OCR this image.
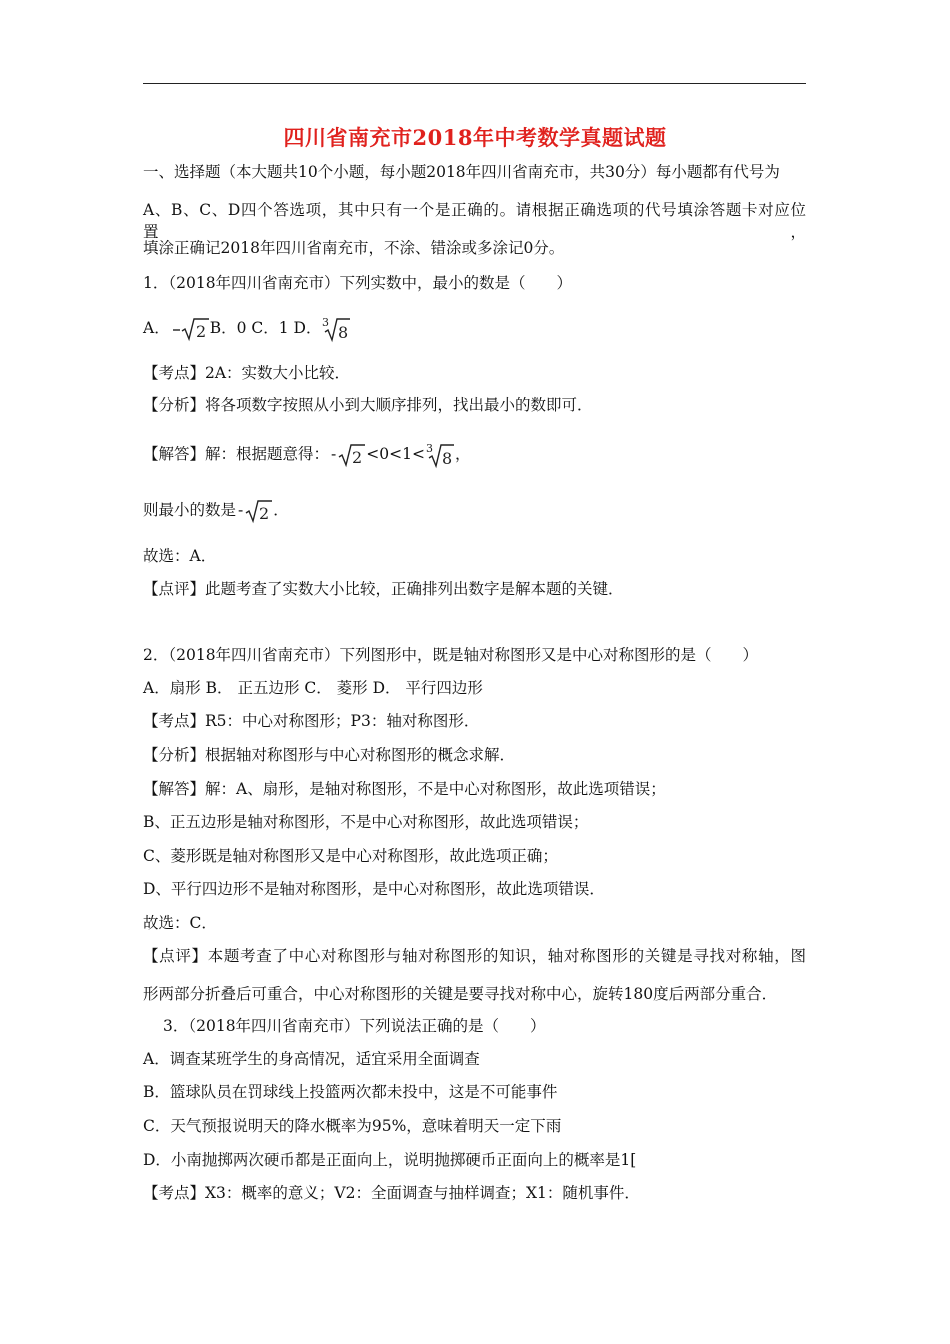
四川省南充市2018年中考数学真题试题

一、选择题（本大题共10个小题，每小题2018年四川省南充市，共30分）每小题都有代号为

A、B、C、D四个答选项，其中只有一个是正确的。请根据正确选项的代号填涂答题卡对应位置，

填涂正确记2018年四川省南充市，不涂、错涂或多涂记0分。

1．（2018年四川省南充市）下列实数中，最小的数是（　　）

A． 2 B．0 C．1 D． 3
8

【考点】2A：实数大小比较．

【分析】将各项数字按照从小到大顺序排列，找出最小的数即可．

【解答】解：根据题意得： - 2 <0<1< 3
8 ，

则最小的数是 - 2 ．

故选：A．

【点评】此题考查了实数大小比较，正确排列出数字是解本题的关键．

2．（2018年四川省南充市）下列图形中，既是轴对称图形又是中心对称图形的是（　　）

A．扇形 B． 正五边形 C． 菱形 D． 平行四边形

【考点】R5：中心对称图形；P3：轴对称图形．

【分析】根据轴对称图形与中心对称图形的概念求解．

【解答】解：A、扇形，是轴对称图形，不是中心对称图形，故此选项错误；

B、正五边形是轴对称图形，不是中心对称图形，故此选项错误；

C、菱形既是轴对称图形又是中心对称图形，故此选项正确；

D、平行四边形不是轴对称图形，是中心对称图形，故此选项错误．

故选：C．

【点评】本题考查了中心对称图形与轴对称图形的知识，轴对称图形的关键是寻找对称轴，图

形两部分折叠后可重合，中心对称图形的关键是要寻找对称中心，旋转180度后两部分重合．

3．（2018年四川省南充市）下列说法正确的是（　　）

A．调查某班学生的身高情况，适宜采用全面调查

B．篮球队员在罚球线上投篮两次都未投中，这是不可能事件

C．天气预报说明天的降水概率为95%，意味着明天一定下雨

D．小南抛掷两次硬币都是正面向上，说明抛掷硬币正面向上的概率是1[

【考点】X3：概率的意义；V2：全面调查与抽样调查；X1：随机事件．
